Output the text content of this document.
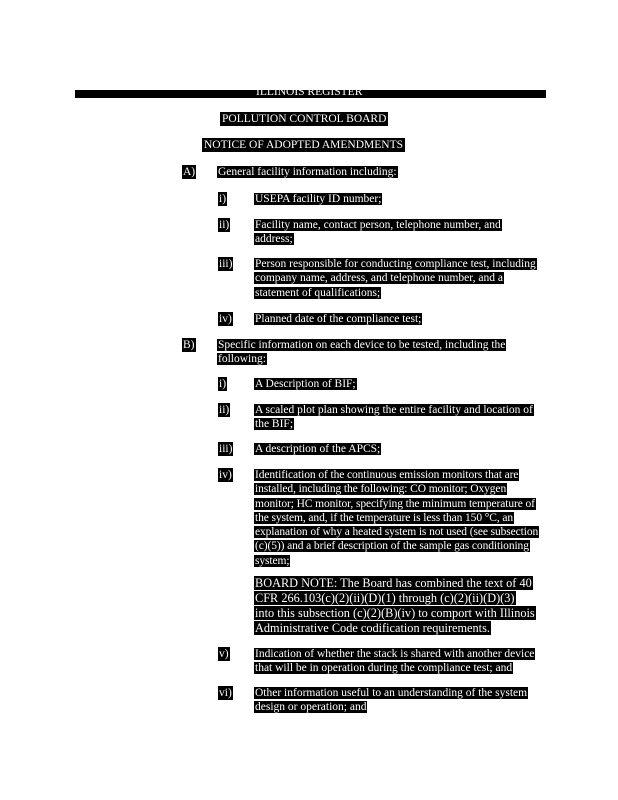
ILLINOIS REGISTER
POLLUTION CONTROL BOARD
NOTICE OF ADOPTED AMENDMENTS
A) General facility information including:
i)	USEPA facility ID number;
ii) Facility name, contact person, telephone number, and address;
iii) Person responsible for conducting compliance test, including company name, address, and telephone number, and a statement of qualifications;
iv) Planned date of the compliance test;
B) Specific information on each device to be tested, including the following:
i)	A Description of BIF;
ii) A scaled plot plan showing the entire facility and location of the BIF;
iii) A description of the APCS;
iv) Identification of the continuous emission monitors that are installed, including the following: CO monitor; Oxygen monitor; HC monitor, specifying the minimum temperature of the system, and, if the temperature is less than 150 °C, an explanation of why a heated system is not used (see subsection (c)(5)) and a brief description of the sample gas conditioning system;
BOARD NOTE: The Board has combined the text of 40 CFR 266.103(c)(2)(ii)(D)(1) through (c)(2)(ii)(D)(3) into this subsection (c)(2)(B)(iv) to comport with Illinois Administrative Code codification requirements.
v) Indication of whether the stack is shared with another device that will be in operation during the compliance test; and
vi) Other information useful to an understanding of the system design or operation; and
